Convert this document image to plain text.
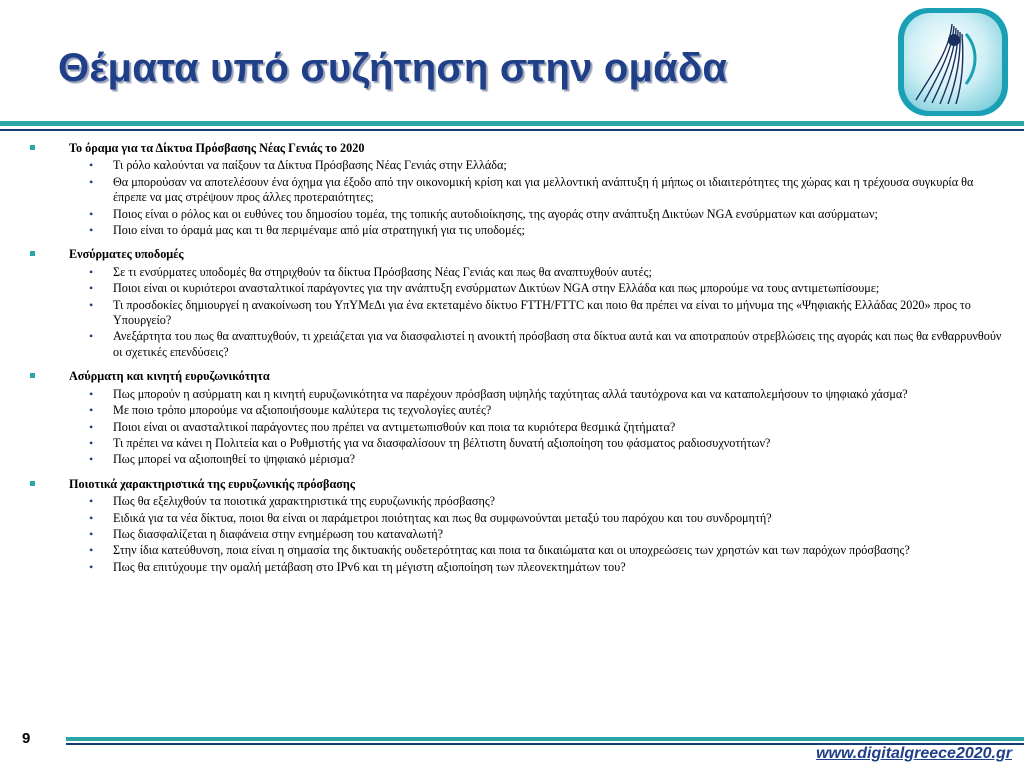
Θέματα υπό συζήτηση στην ομάδα
Το όραμα για τα Δίκτυα Πρόσβασης Νέας Γενιάς το 2020
• Τι ρόλο καλούνται να παίξουν τα Δίκτυα Πρόσβασης Νέας Γενιάς στην Ελλάδα;
• Θα μπορούσαν να αποτελέσουν ένα όχημα για έξοδο από την οικονομική κρίση και για μελλοντική ανάπτυξη ή μήπως οι ιδιαιτερότητες της χώρας και η τρέχουσα συγκυρία θα έπρεπε να μας στρέψουν προς άλλες προτεραιότητες;
• Ποιος είναι ο ρόλος και οι ευθύνες του δημοσίου τομέα, της τοπικής αυτοδιοίκησης, της αγοράς στην ανάπτυξη Δικτύων NGA ενσύρματων και ασύρματων;
• Ποιο είναι το όραμά μας και τι θα περιμέναμε από μία στρατηγική για τις υποδομές;
Ενσύρματες υποδομές
• Σε τι ενσύρματες υποδομές θα στηριχθούν τα δίκτυα Πρόσβασης Νέας Γενιάς και πως θα αναπτυχθούν αυτές;
• Ποιοι είναι οι κυριότεροι ανασταλτικοί παράγοντες για την ανάπτυξη ενσύρματων Δικτύων NGA στην Ελλάδα και πως μπορούμε να τους αντιμετωπίσουμε;
• Τι προσδοκίες δημιουργεί η ανακοίνωση του ΥπΥΜεΔι για ένα εκτεταμένο δίκτυο FTTH/FTTC και ποιο θα πρέπει να είναι το μήνυμα της «Ψηφιακής Ελλάδας 2020» προς το Υπουργείο?
• Ανεξάρτητα του πως θα αναπτυχθούν, τι χρειάζεται για να διασφαλιστεί η ανοικτή πρόσβαση στα δίκτυα αυτά και να αποτραπούν στρεβλώσεις της αγοράς και πως θα ενθαρρυνθούν οι σχετικές επενδύσεις?
Ασύρματη και κινητή ευρυζωνικότητα
• Πως μπορούν η ασύρματη και η κινητή ευρυζωνικότητα να παρέχουν πρόσβαση υψηλής ταχύτητας αλλά ταυτόχρονα και να καταπολεμήσουν το ψηφιακό χάσμα?
• Με ποιο τρόπο μπορούμε να αξιοποιήσουμε καλύτερα τις τεχνολογίες αυτές?
• Ποιοι είναι οι ανασταλτικοί παράγοντες που πρέπει να αντιμετωπισθούν και ποια τα κυριότερα θεσμικά ζητήματα?
• Τι πρέπει να κάνει η Πολιτεία και ο Ρυθμιστής για να διασφαλίσουν τη βέλτιστη δυνατή αξιοποίηση του φάσματος ραδιοσυχνοτήτων?
• Πως μπορεί να αξιοποιηθεί το ψηφιακό μέρισμα?
Ποιοτικά χαρακτηριστικά της ευρυζωνικής πρόσβασης
• Πως θα εξελιχθούν τα ποιοτικά χαρακτηριστικά της ευρυζωνικής πρόσβασης?
• Ειδικά για τα νέα δίκτυα, ποιοι θα είναι οι παράμετροι ποιότητας και πως θα συμφωνούνται μεταξύ του παρόχου και του συνδρομητή?
• Πως διασφαλίζεται η διαφάνεια στην ενημέρωση του καταναλωτή?
• Στην ίδια κατεύθυνση, ποια είναι η σημασία της δικτυακής ουδετερότητας και ποια τα δικαιώματα και οι υποχρεώσεις των χρηστών και των παρόχων πρόσβασης?
• Πως θα επιτύχουμε την ομαλή μετάβαση στο IPv6 και τη μέγιστη αξιοποίηση των πλεονεκτημάτων του?
9
www.digitalgreece2020.gr
